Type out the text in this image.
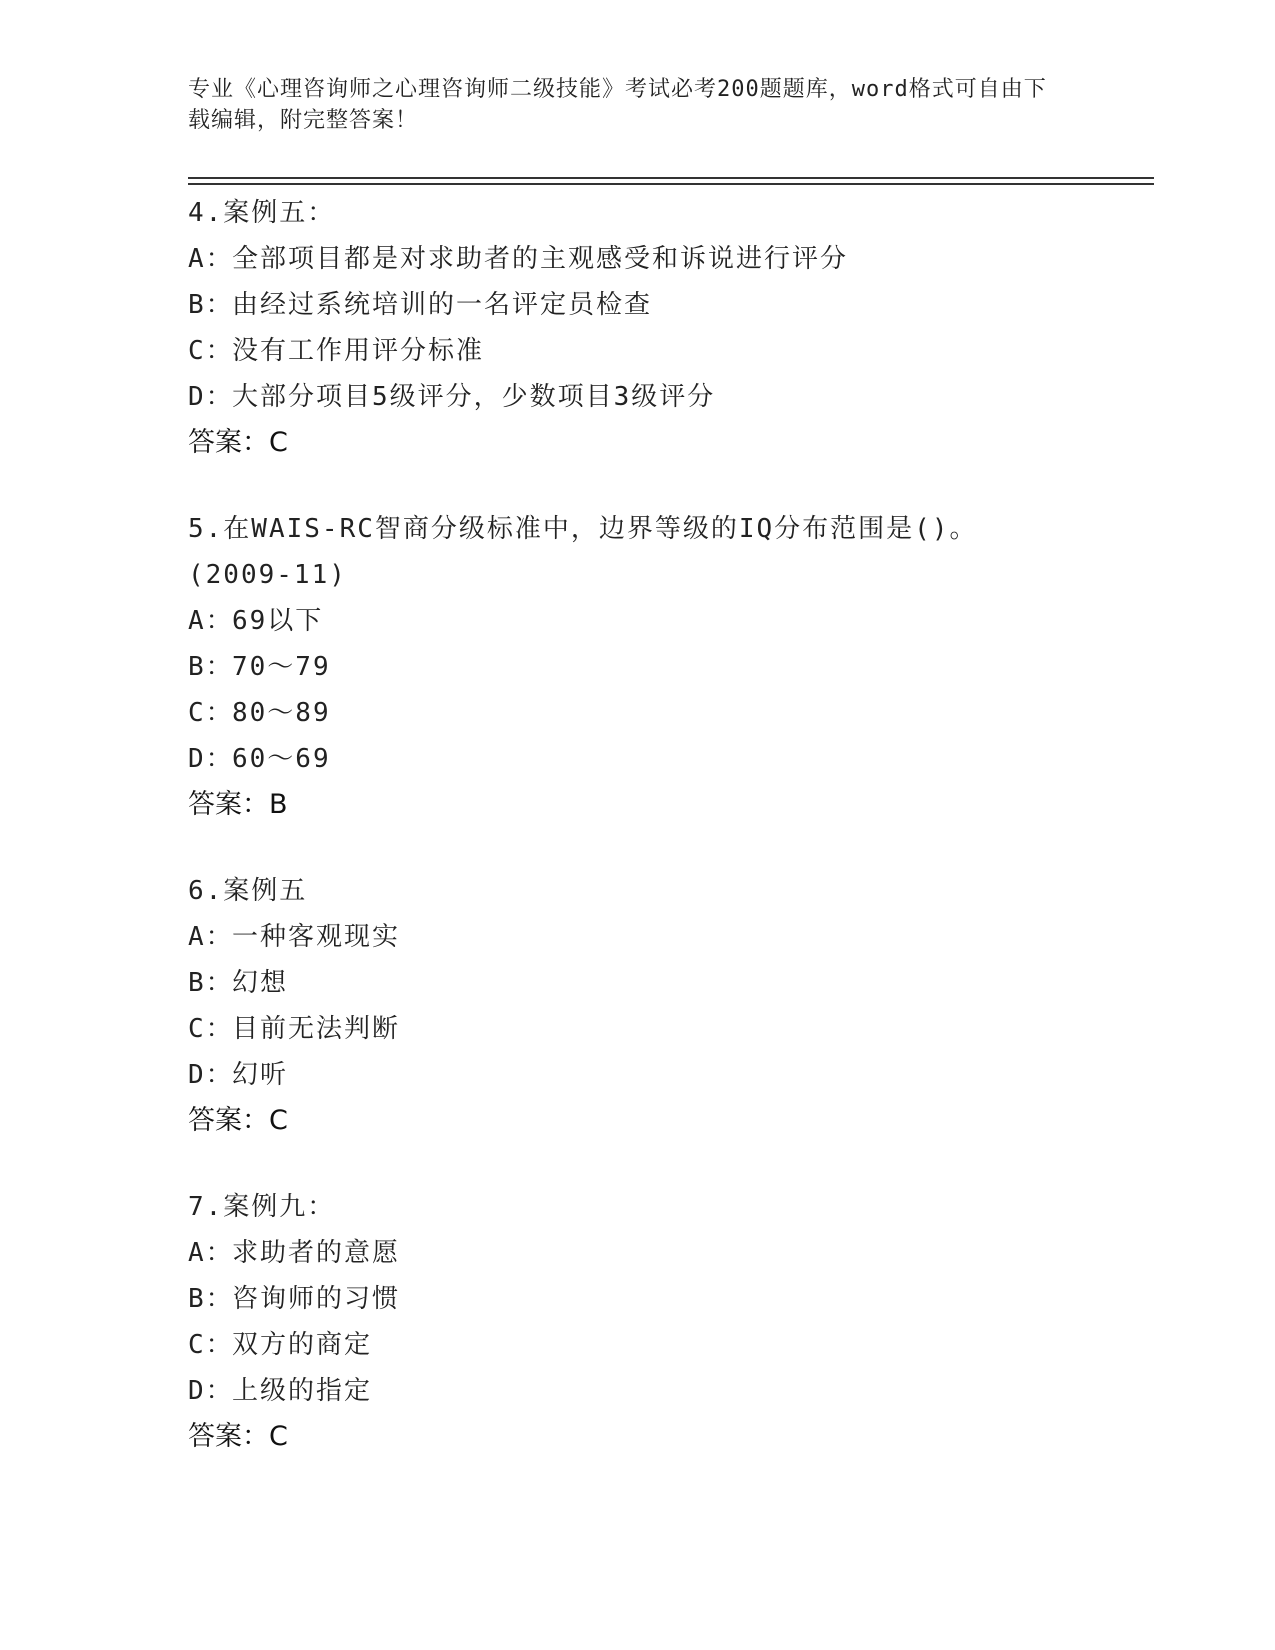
专业《心理咨询师之心理咨询师二级技能》考试必考200题题库，word格式可自由下载编辑，附完整答案！
4.案例五：
A：全部项目都是对求助者的主观感受和诉说进行评分
B：由经过系统培训的一名评定员检查
C：没有工作用评分标准
D：大部分项目5级评分，少数项目3级评分
答案：C
5.在WAIS-RC智商分级标准中，边界等级的IQ分布范围是()。(2009-11)
A：69以下
B：70～79
C：80～89
D：60～69
答案：B
6.案例五
A：一种客观现实
B：幻想
C：目前无法判断
D：幻听
答案：C
7.案例九：
A：求助者的意愿
B：咨询师的习惯
C：双方的商定
D：上级的指定
答案：C
